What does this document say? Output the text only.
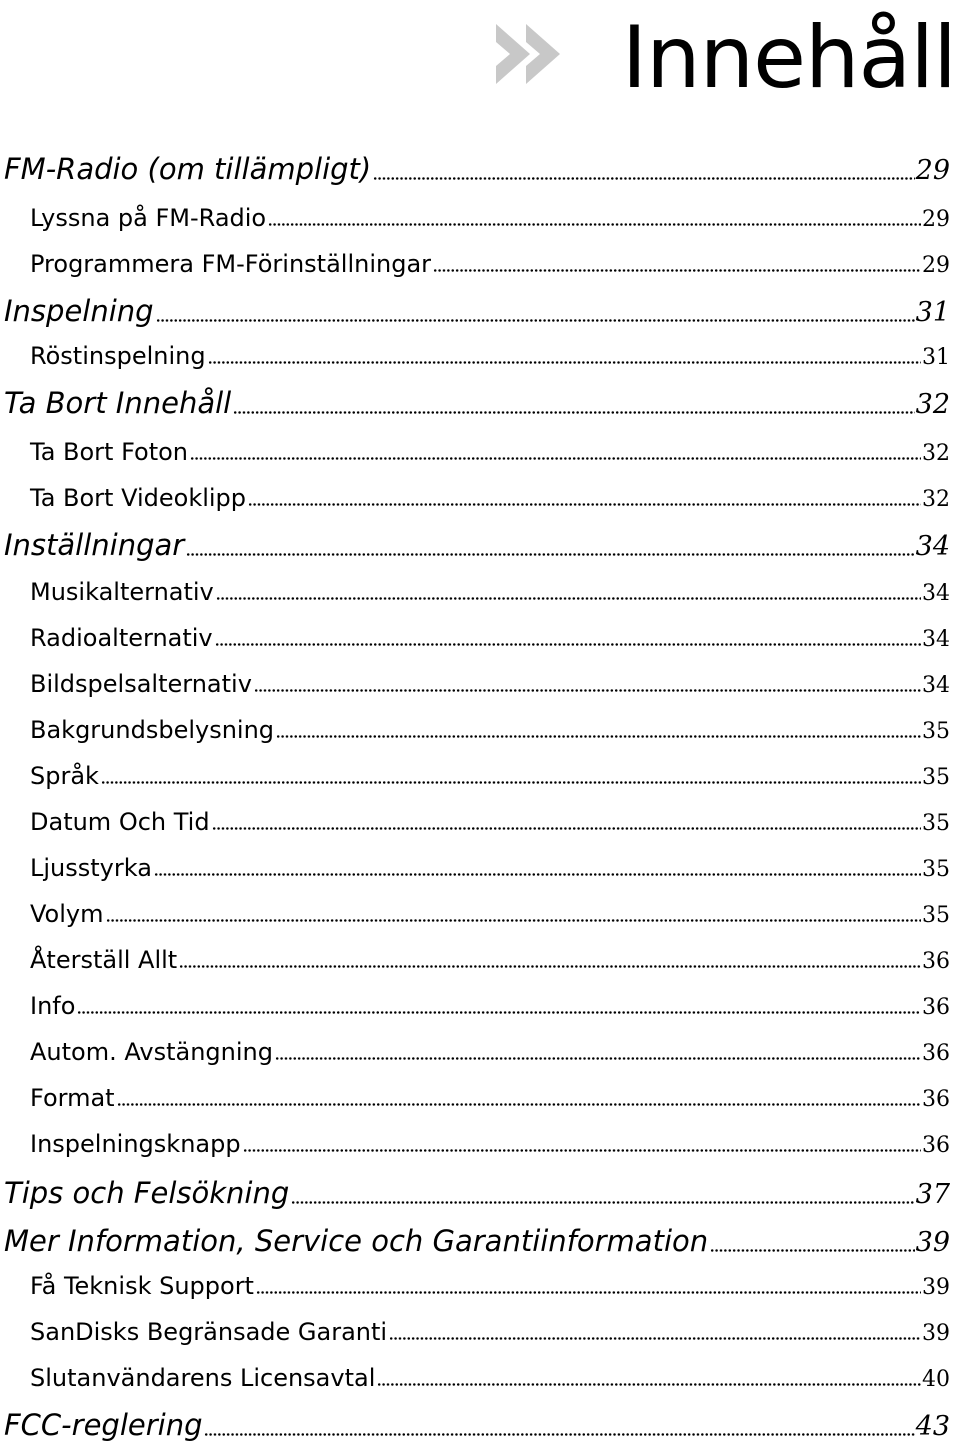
Innehåll
FM-Radio (om tillämpligt)	29
Lyssna på FM-Radio	29
Programmera FM-Förinställningar	29
Inspelning	31
Röstinspelning	31
Ta Bort Innehåll	32
Ta Bort Foton	32
Ta Bort Videoklipp	32
Inställningar	34
Musikalternativ	34
Radioalternativ	34
Bildspelsalternativ	34
Bakgrundsbelysning	35
Språk	35
Datum Och Tid	35
Ljusstyrka	35
Volym	35
Återställ Allt	36
Info	36
Autom. Avstängning	36
Format	36
Inspelningsknapp	36
Tips och Felsökning	37
Mer Information, Service och Garantiinformation	39
Få Teknisk Support	39
SanDisks Begränsade Garanti	39
Slutanvändarens Licensavtal	40
FCC-reglering	43
